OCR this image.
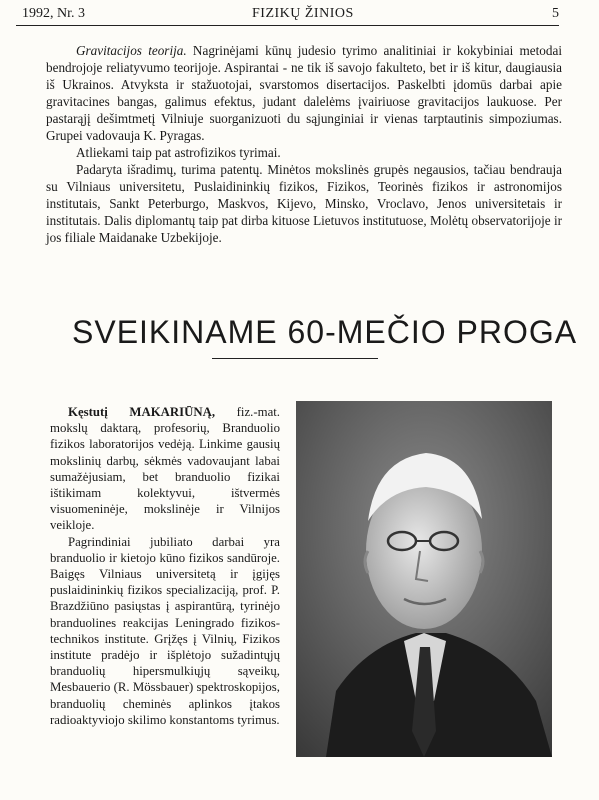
1992, Nr. 3	FIZIKŲ ŽINIOS	5

Gravitacijos teorija. Nagrinėjami kūnų judesio tyrimo analitiniai ir kokybiniai metodai bendrojoje reliatyvumo teorijoje. Aspirantai - ne tik iš savojo fakulteto, bet ir iš kitur, daugiausia iš Ukrainos. Atvyksta ir stažuotojai, svarstomos disertacijos. Paskelbti įdomūs darbai apie gravitacines bangas, galimus efektus, judant dalelėms įvairiuose gravitacijos laukuose. Per pastarąjį dešimtmetį Vilniuje suorganizuoti du sąjunginiai ir vienas tarptautinis simpoziumas. Grupei vadovauja K. Pyragas.

Atliekami taip pat astrofizikos tyrimai.

Padaryta išradimų, turima patentų. Minėtos mokslinės grupės negausios, tačiau bendrauja su Vilniaus universitetu, Puslaidininkių fizikos, Fizikos, Teorinės fizikos ir astronomijos institutais, Sankt Peterburgo, Maskvos, Kijevo, Minsko, Vroclavo, Jenos universitetais ir institutais. Dalis diplomantų taip pat dirba kituose Lietuvos institutuose, Molėtų observatorijoje ir jos filiale Maidanake Uzbekijoje.

SVEIKINAME 60-MEČIO PROGA

Kęstutį MAKARIŪNĄ, fiz.-mat. mokslų daktarą, profesorių, Branduolio fizikos laboratorijos vedėją. Linkime gausių mokslinių darbų, sėkmės vadovaujant labai sumažėjusiam, bet branduolio fizikai ištikimam kolektyvui, ištvermės visuomeninėje, mokslinėje ir Vilnijos veikloje.

Pagrindiniai jubiliato darbai yra branduolio ir kietojo kūno fizikos sandūroje. Baigęs Vilniaus universitetą ir įgijęs puslaidininkių fizikos specializaciją, prof. P. Brazdžiūno pasiųstas į aspirantūrą, tyrinėjo branduolines reakcijas Leningrado fizikos-technikos institute. Grįžęs į Vilnių, Fizikos institute pradėjo ir išplėtojo sužadintųjų branduolių hipersmulkiųjų sąveikų, Mesbauerio (R. Mössbauer) spektroskopijos, branduolių cheminės aplinkos įtakos radioaktyviojo skilimo konstantoms tyrimus.
